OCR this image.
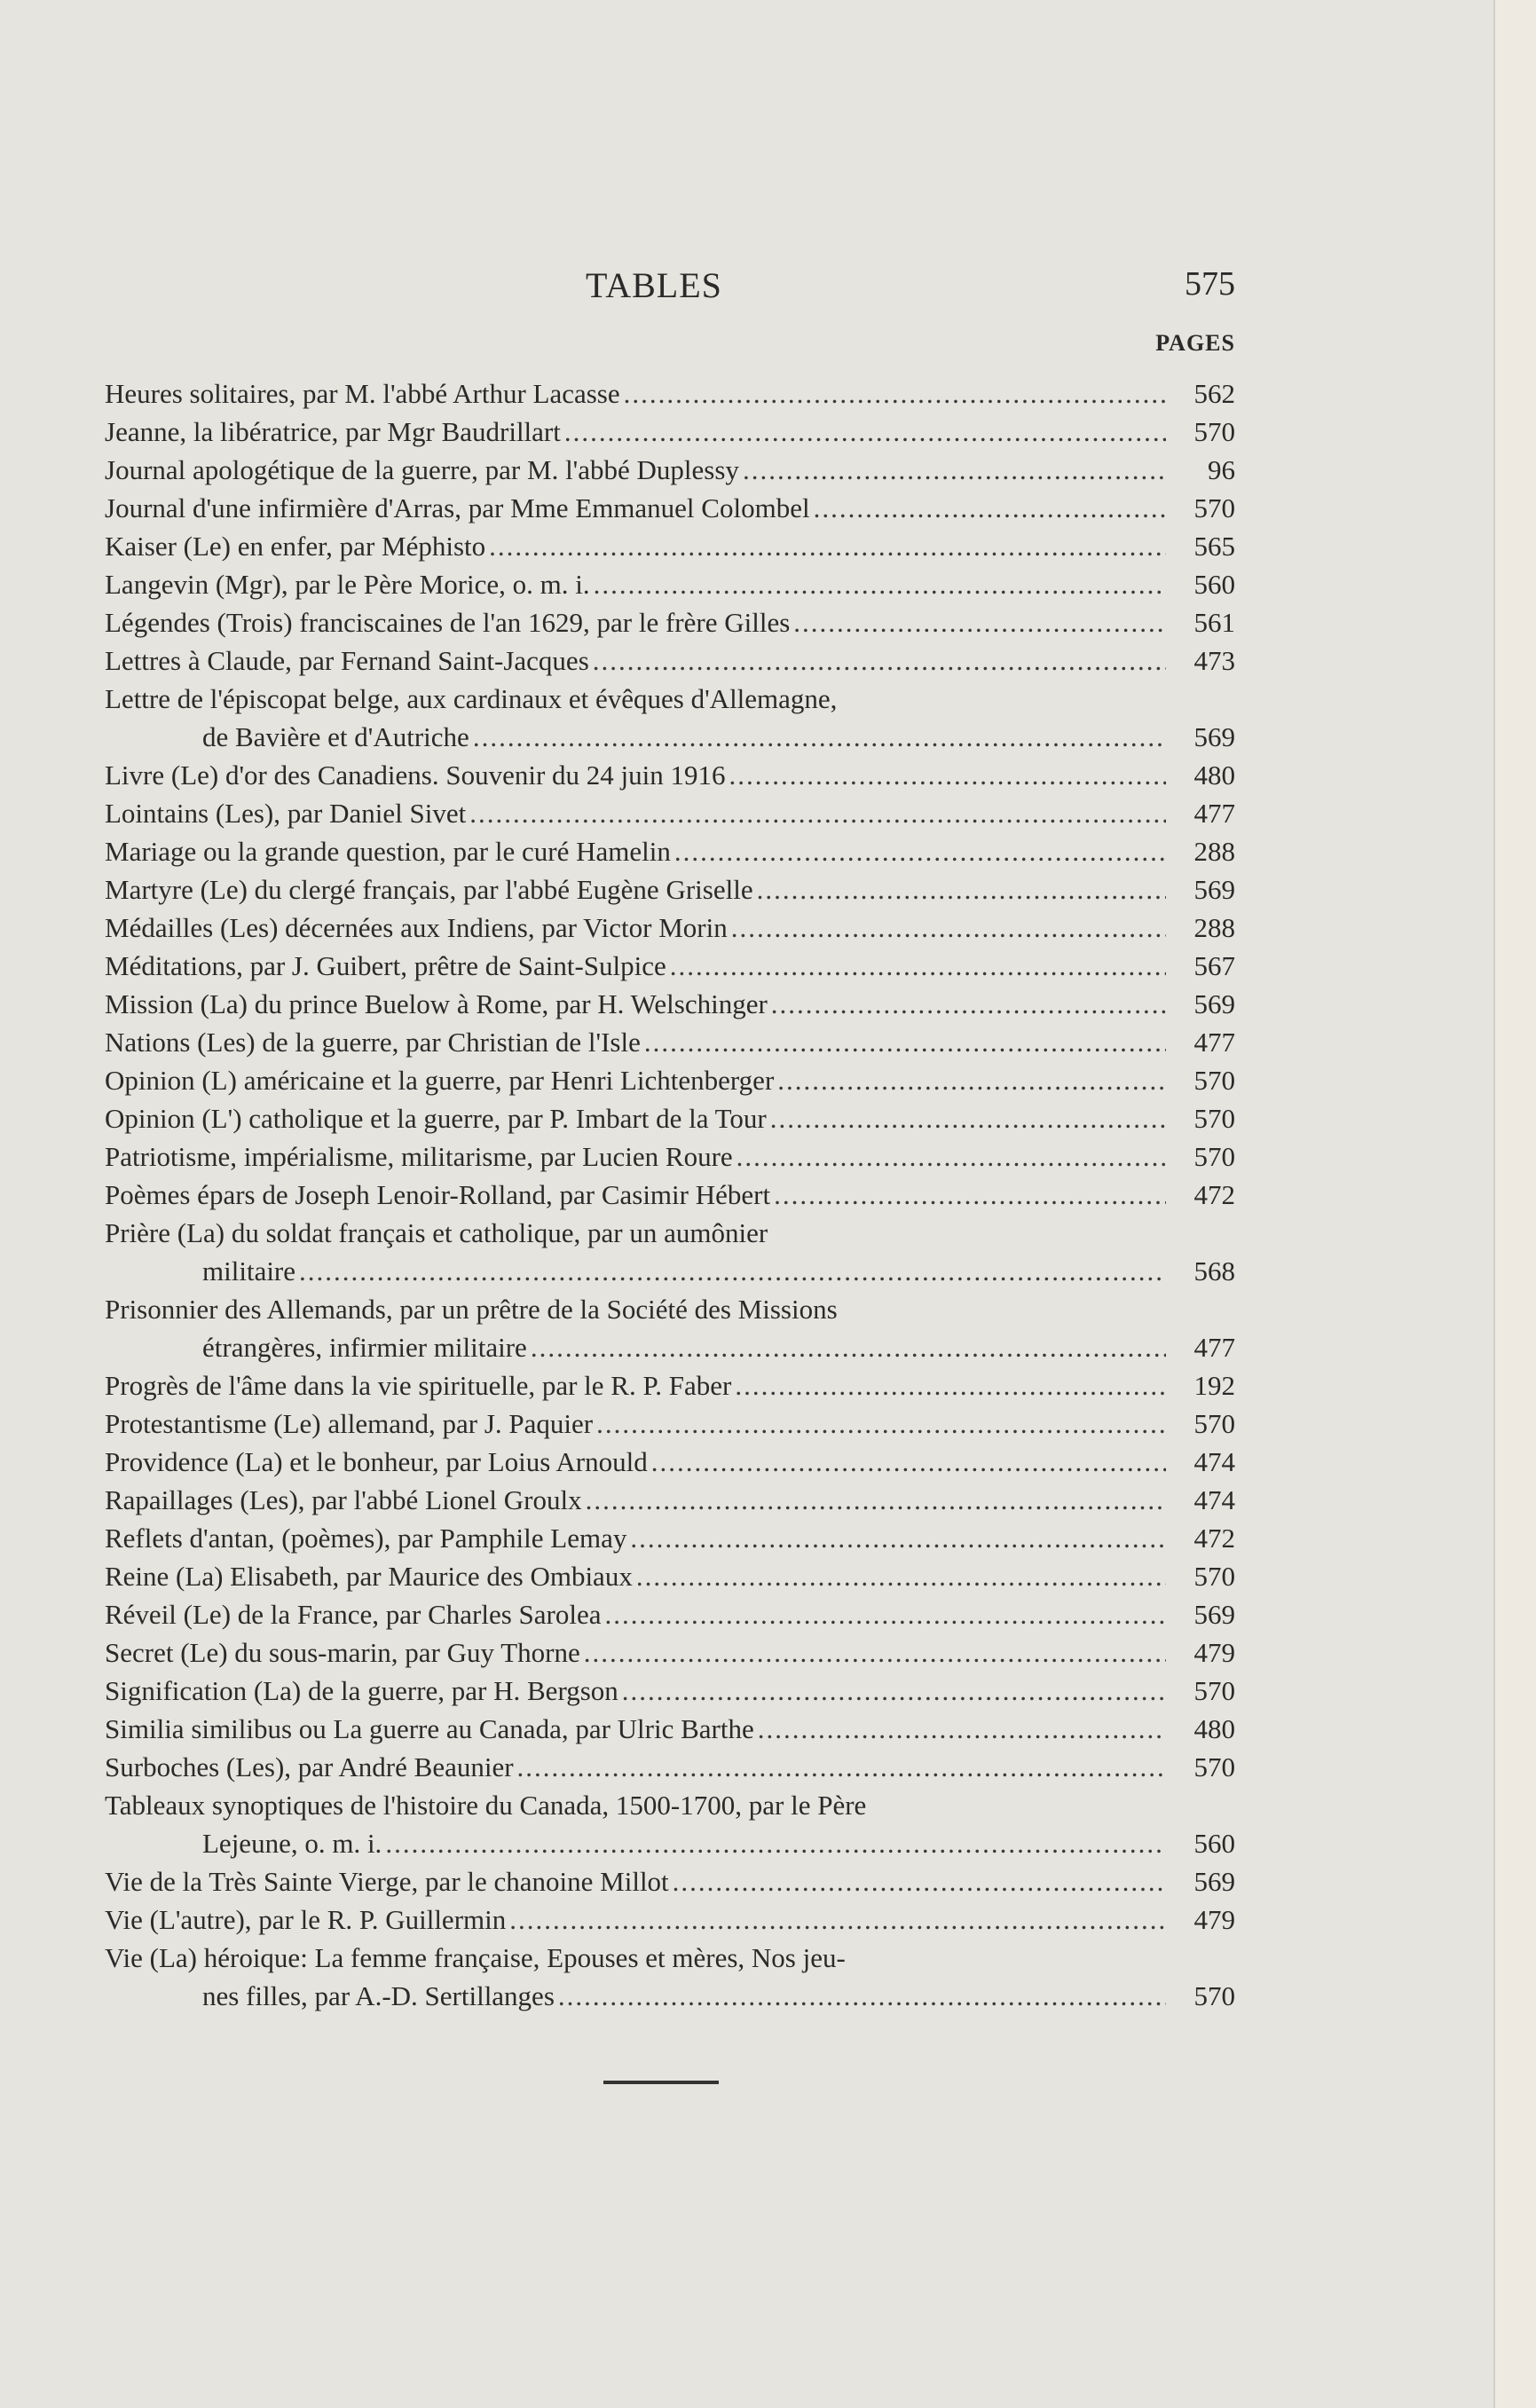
TABLES	575
PAGES
Heures solitaires, par M. l'abbé Arthur Lacasse .....	562
Jeanne, la libératrice, par Mgr Baudrillart .....	570
Journal apologétique de la guerre, par M. l'abbé Duplessy .....	96
Journal d'une infirmière d'Arras, par Mme Emmanuel Colombel .....	570
Kaiser (Le) en enfer, par Méphisto .....	565
Langevin (Mgr), par le Père Morice, o. m. i. .....	560
Légendes (Trois) franciscaines de l'an 1629, par le frère Gilles .....	561
Lettres à Claude, par Fernand Saint-Jacques .....	473
Lettre de l'épiscopat belge, aux cardinaux et évêques d'Allemagne,
de Bavière et d'Autriche .....	569
Livre (Le) d'or des Canadiens. Souvenir du 24 juin 1916 .....	480
Lointains (Les), par Daniel Sivet .....	477
Mariage ou la grande question, par le curé Hamelin .....	288
Martyre (Le) du clergé français, par l'abbé Eugène Griselle .....	569
Médailles (Les) décernées aux Indiens, par Victor Morin .....	288
Méditations, par J. Guibert, prêtre de Saint-Sulpice .....	567
Mission (La) du prince Buelow à Rome, par H. Welschinger .....	569
Nations (Les) de la guerre, par Christian de l'Isle .....	477
Opinion (L) américaine et la guerre, par Henri Lichtenberger .....	570
Opinion (L') catholique et la guerre, par P. Imbart de la Tour .....	570
Patriotisme, impérialisme, militarisme, par Lucien Roure .....	570
Poèmes épars de Joseph Lenoir-Rolland, par Casimir Hébert .....	472
Prière (La) du soldat français et catholique, par un aumônier
militaire .....	568
Prisonnier des Allemands, par un prêtre de la Société des Missions
étrangères, infirmier militaire .....	477
Progrès de l'âme dans la vie spirituelle, par le R. P. Faber .....	192
Protestantisme (Le) allemand, par J. Paquier .....	570
Providence (La) et le bonheur, par Loius Arnould .....	474
Rapaillages (Les), par l'abbé Lionel Groulx .....	474
Reflets d'antan, (poèmes), par Pamphile Lemay .....	472
Reine (La) Elisabeth, par Maurice des Ombiaux .....	570
Réveil (Le) de la France, par Charles Sarolea .....	569
Secret (Le) du sous-marin, par Guy Thorne .....	479
Signification (La) de la guerre, par H. Bergson .....	570
Similia similibus ou La guerre au Canada, par Ulric Barthe .....	480
Surboches (Les), par André Beaunier .....	570
Tableaux synoptiques de l'histoire du Canada, 1500-1700, par le Père
Lejeune, o. m. i. .....	560
Vie de la Très Sainte Vierge, par le chanoine Millot .....	569
Vie (L'autre), par le R. P. Guillermin .....	479
Vie (La) héroique: La femme française, Epouses et mères, Nos jeu-
nes filles, par A.-D. Sertillanges .....	570
